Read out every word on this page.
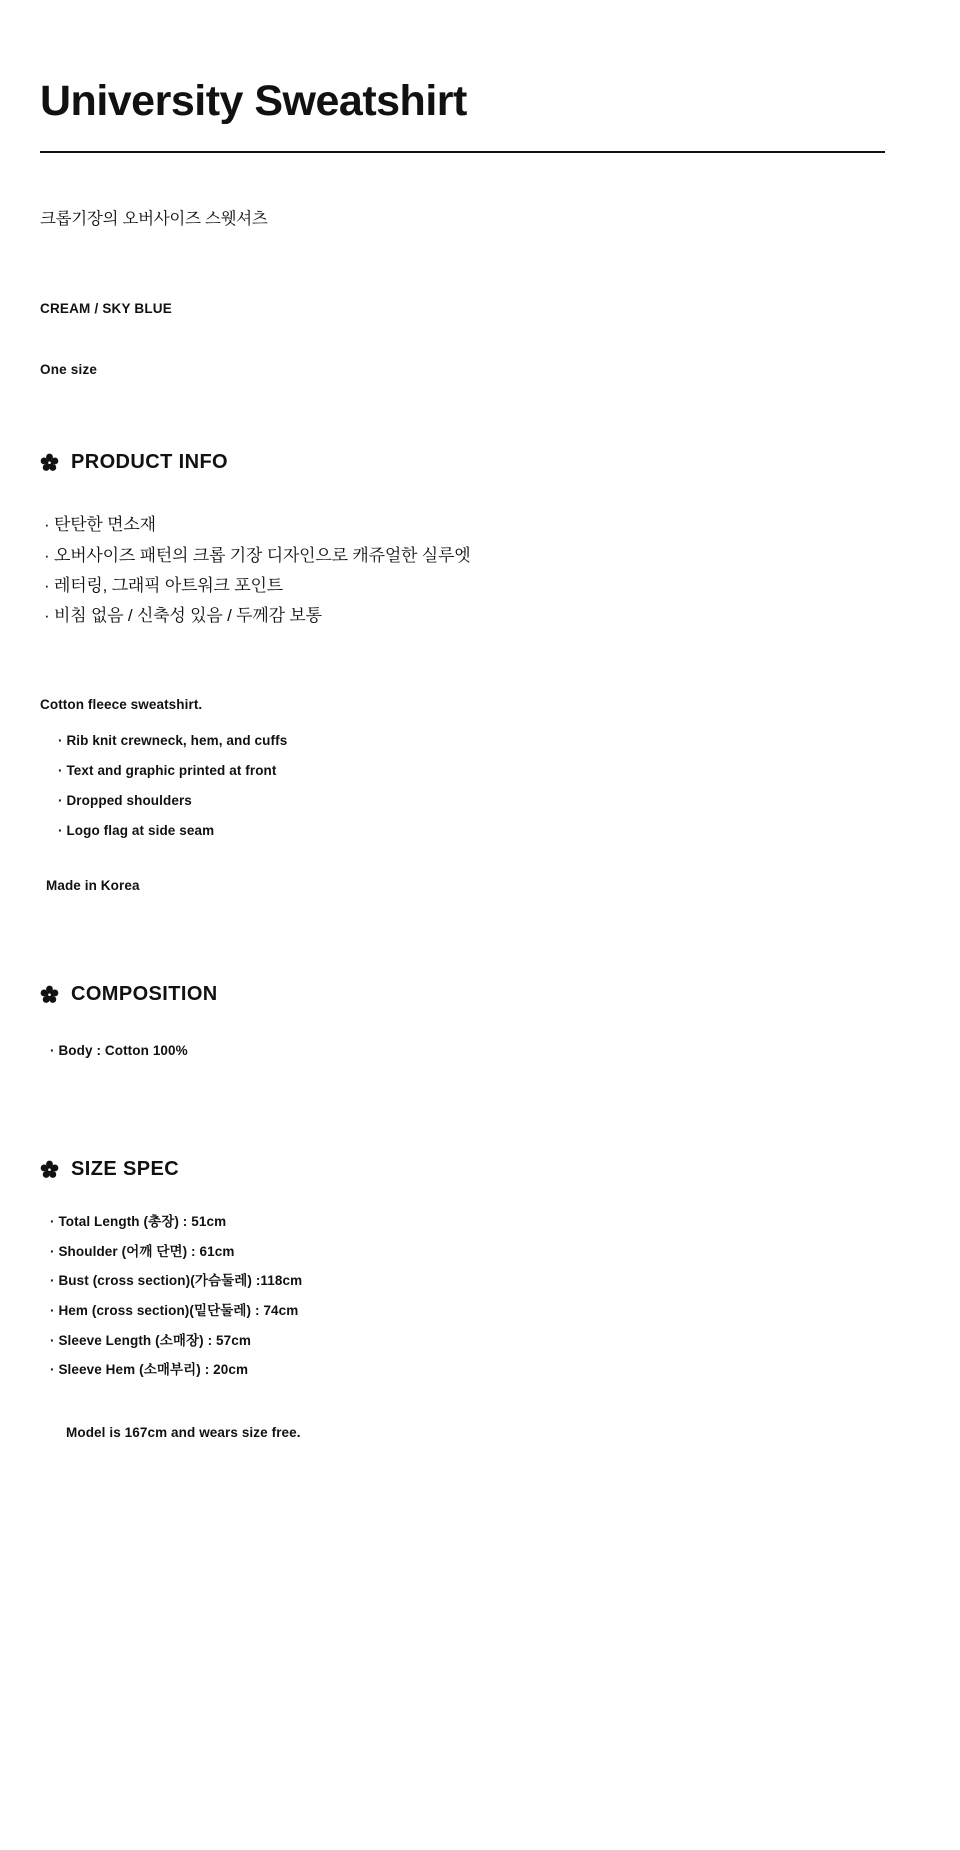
University Sweatshirt
크롭기장의 오버사이즈 스웻셔츠
CREAM / SKY BLUE
One size
PRODUCT INFO
· 탄탄한 면소재
· 오버사이즈 패턴의 크롭 기장 디자인으로 캐쥬얼한 실루엣
· 레터링, 그래픽 아트워크 포인트
· 비침 없음 / 신축성 있음 / 두께감 보통
Cotton fleece sweatshirt.
· Rib knit crewneck, hem, and cuffs
· Text and graphic printed at front
· Dropped shoulders
· Logo flag at side seam
Made in Korea
COMPOSITION
· Body : Cotton 100%
SIZE SPEC
· Total Length (총장) : 51cm
· Shoulder (어깨 단면) : 61cm
· Bust (cross section)(가슴둘레) :118cm
· Hem (cross section)(밑단둘레) : 74cm
· Sleeve Length (소매장) : 57cm
· Sleeve Hem (소매부리) : 20cm
Model is 167cm and wears size free.
